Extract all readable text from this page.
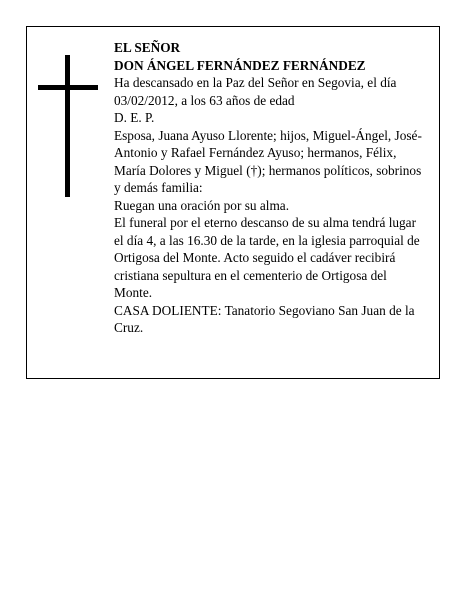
EL SEÑOR

DON ÁNGEL FERNÁNDEZ FERNÁNDEZ

Ha descansado en la Paz del Señor en Segovia, el día 03/02/2012, a los 63 años de edad

D. E. P.

Esposa, Juana Ayuso Llorente; hijos, Miguel-Ángel, José-Antonio y Rafael Fernández Ayuso; hermanos, Félix, María Dolores y Miguel (†); hermanos políticos, sobrinos y demás familia:

Ruegan una oración por su alma.

El funeral por el eterno descanso de su alma tendrá lugar el día 4, a las 16.30 de la tarde, en la iglesia parroquial de Ortigosa del Monte. Acto seguido el cadáver recibirá cristiana sepultura en el cementerio de Ortigosa del Monte.

CASA DOLIENTE: Tanatorio Segoviano San Juan de la Cruz.
